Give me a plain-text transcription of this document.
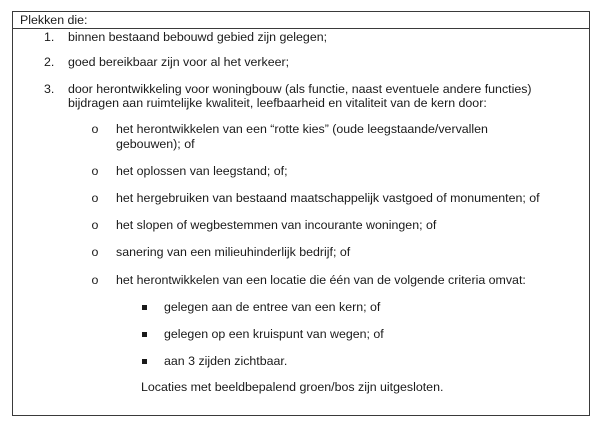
Plekken die:
1. binnen bestaand bebouwd gebied zijn gelegen;
2. goed bereikbaar zijn voor al het verkeer;
3. door herontwikkeling voor woningbouw (als functie, naast eventuele andere functies)
bijdragen aan ruimtelijke kwaliteit, leefbaarheid en vitaliteit van de kern door:
o het herontwikkelen van een “rotte kies” (oude leegstaande/vervallen
gebouwen); of
o het oplossen van leegstand; of;
o het hergebruiken van bestaand maatschappelijk vastgoed of monumenten; of
o het slopen of wegbestemmen van incourante woningen; of
o sanering van een milieuhinderlijk bedrijf; of
o het herontwikkelen van een locatie die één van de volgende criteria omvat:
gelegen aan de entree van een kern; of
gelegen op een kruispunt van wegen; of
aan 3 zijden zichtbaar.
Locaties met beeldbepalend groen/bos zijn uitgesloten.
